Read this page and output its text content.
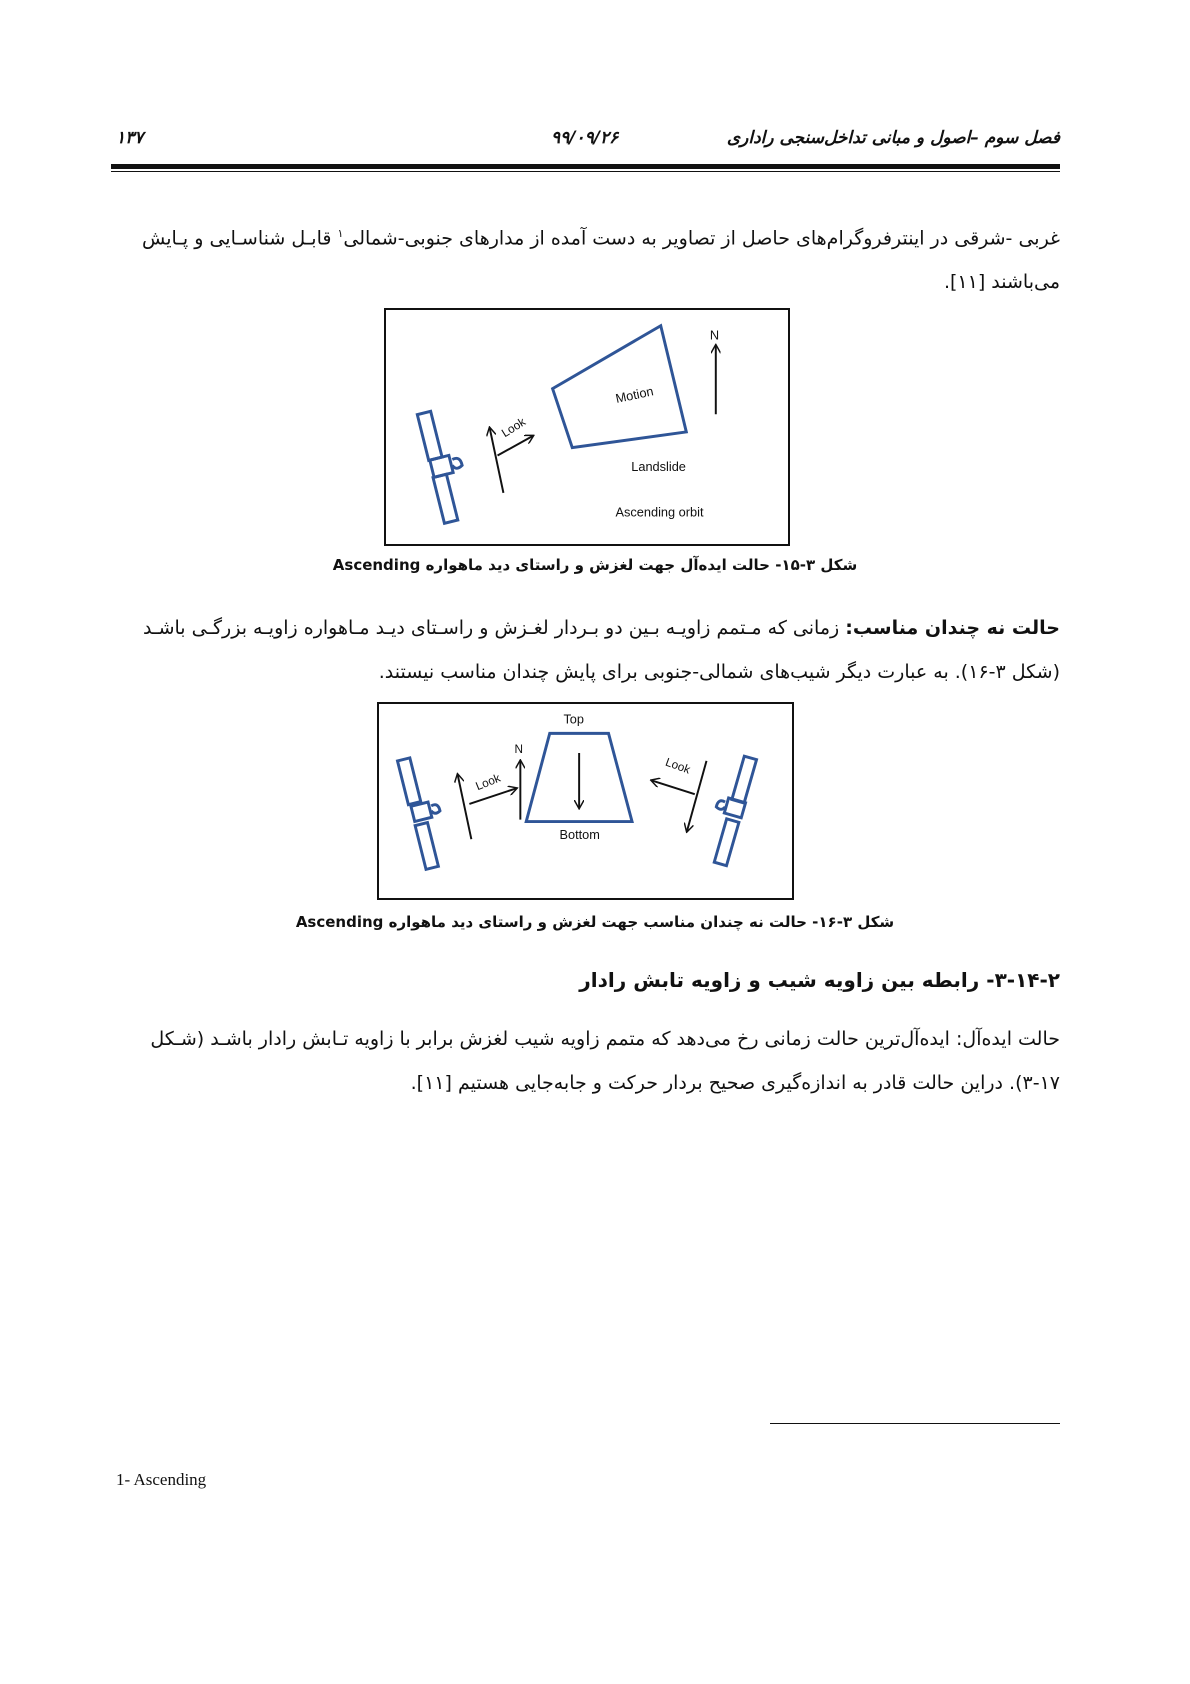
فصل سوم –اصول و مبانی تداخل‌سنجی راداری
۹۹/۰۹/۲۶
۱۳۷
غربی -شرقی در اینترفروگرام‌های حاصل از تصاویر به دست آمده از مدارهای جنوبی-شمالی$^۱$ قابـل شناسـایی و پـایش
می‌باشند [۱۱].
Look
Motion
N
Landslide
Ascending orbit
شکل ۳-۱۵- حالت ایده‌آل جهت لغزش و راستای دید ماهواره Ascending
حالت نه چندان مناسب: زمانی که مـتمم زاویـه بـین دو بـردار لغـزش و راسـتای دیـد مـاهواره زاویـه بزرگـی باشـد
(شکل ۳-۱۶). به عبارت دیگر شیب‌های شمالی-جنوبی برای پایش چندان مناسب نیستند.
Look
N
Top
Bottom
Look
شکل ۳-۱۶- حالت نه چندان مناسب جهت لغزش و راستای دید ماهواره Ascending
۳-۱۴-۲- رابطه بین زاویه شیب و زاویه تابش رادار
حالت ایده‌آل: ایده‌آل‌ترین حالت زمانی رخ می‌دهد که متمم زاویه شیب لغزش برابر با زاویه تـابش رادار باشـد (شـکل
۳-۱۷). دراین حالت قادر به اندازه‌گیری صحیح بردار حرکت و جابه‌جایی هستیم [۱۱].
1- Ascending
